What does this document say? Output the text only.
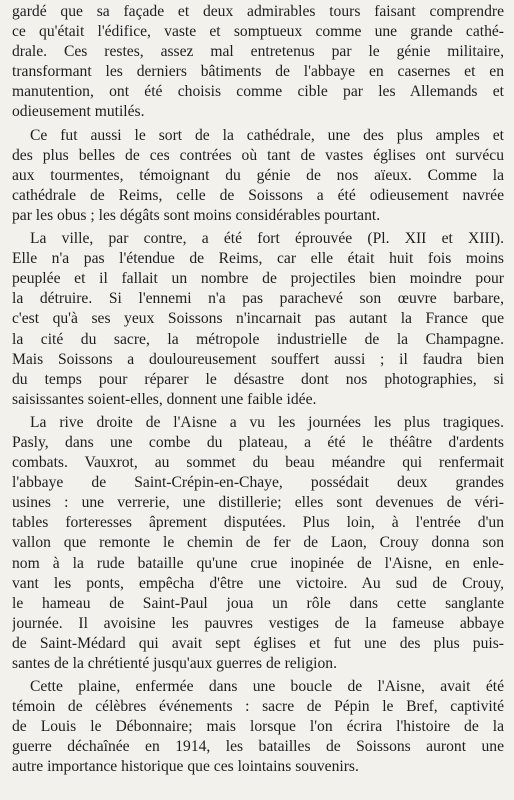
gardé que sa façade et deux admirables tours faisant comprendre
ce qu'était l'édifice, vaste et somptueux comme une grande cathé-
drale. Ces restes, assez mal entretenus par le génie militaire,
transformant les derniers bâtiments de l'abbaye en casernes et en
manutention, ont été choisis comme cible par les Allemands et
odieusement mutilés.
Ce fut aussi le sort de la cathédrale, une des plus amples et
des plus belles de ces contrées où tant de vastes églises ont survécu
aux tourmentes, témoignant du génie de nos aïeux. Comme la
cathédrale de Reims, celle de Soissons a été odieusement navrée
par les obus ; les dégâts sont moins considérables pourtant.
La ville, par contre, a été fort éprouvée (Pl. XII et XIII).
Elle n'a pas l'étendue de Reims, car elle était huit fois moins
peuplée et il fallait un nombre de projectiles bien moindre pour
la détruire. Si l'ennemi n'a pas parachevé son œuvre barbare,
c'est qu'à ses yeux Soissons n'incarnait pas autant la France que
la cité du sacre, la métropole industrielle de la Champagne.
Mais Soissons a douloureusement souffert aussi ; il faudra bien
du temps pour réparer le désastre dont nos photographies, si
saisissantes soient-elles, donnent une faible idée.
La rive droite de l'Aisne a vu les journées les plus tragiques.
Pasly, dans une combe du plateau, a été le théâtre d'ardents
combats. Vauxrot, au sommet du beau méandre qui renfermait
l'abbaye de Saint-Crépin-en-Chaye, possédait deux grandes
usines : une verrerie, une distillerie; elles sont devenues de véri-
tables forteresses âprement disputées. Plus loin, à l'entrée d'un
vallon que remonte le chemin de fer de Laon, Crouy donna son
nom à la rude bataille qu'une crue inopinée de l'Aisne, en enle-
vant les ponts, empêcha d'être une victoire. Au sud de Crouy,
le hameau de Saint-Paul joua un rôle dans cette sanglante
journée. Il avoisine les pauvres vestiges de la fameuse abbaye
de Saint-Médard qui avait sept églises et fut une des plus puis-
santes de la chrétienté jusqu'aux guerres de religion.
Cette plaine, enfermée dans une boucle de l'Aisne, avait été
témoin de célèbres événements : sacre de Pépin le Bref, captivité
de Louis le Débonnaire; mais lorsque l'on écrira l'histoire de la
guerre déchaînée en 1914, les batailles de Soissons auront une
autre importance historique que ces lointains souvenirs.
